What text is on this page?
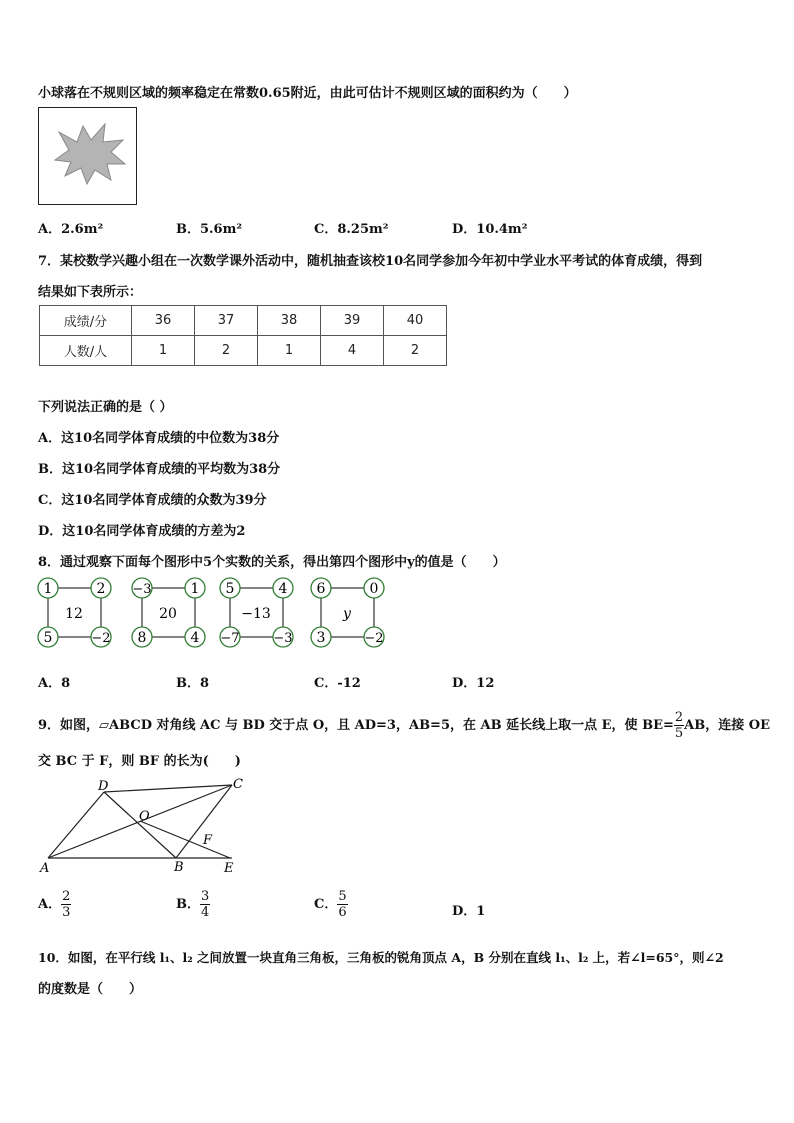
小球落在不规则区域的频率稳定在常数0.65附近，由此可估计不规则区域的面积约为（　　）
A．2.6m²	B．5.6m²	C．8.25m²	D．10.4m²
7．某校数学兴趣小组在一次数学课外活动中，随机抽查该校10名同学参加今年初中学业水平考试的体育成绩，得到
结果如下表所示：
成绩/分	36	37	38	39	40
人数/人	1	2	1	4	2
下列说法正确的是（ ）
A．这10名同学体育成绩的中位数为38分
B．这10名同学体育成绩的平均数为38分
C．这10名同学体育成绩的众数为39分
D．这10名同学体育成绩的方差为2
8．通过观察下面每个图形中5个实数的关系，得出第四个图形中y的值是（　　）
1	2
5	−2
12
−3	1
8	4
20
5	4
−7	−3
−13
6	0
3	−2
y
A．8	B．8	C．-12	D．12
9．如图，▱ABCD 对角线 AC 与 BD 交于点 O，且 AD=3，AB=5，在 AB 延长线上取一点 E，使 $BE= \frac{2}{5}$ AB，连接 OE
交 BC 于 F，则 BF 的长为(　　)
D	C
O
F
A	B	E
A． $\frac{2}{3}$	B． $\frac{3}{4}$	C． $\frac{5}{6}$	D．1
10．如图，在平行线 l₁、l₂ 之间放置一块直角三角板，三角板的锐角顶点 A，B 分别在直线 l₁、l₂ 上，若∠l=65°，则∠2
的度数是（　　）
